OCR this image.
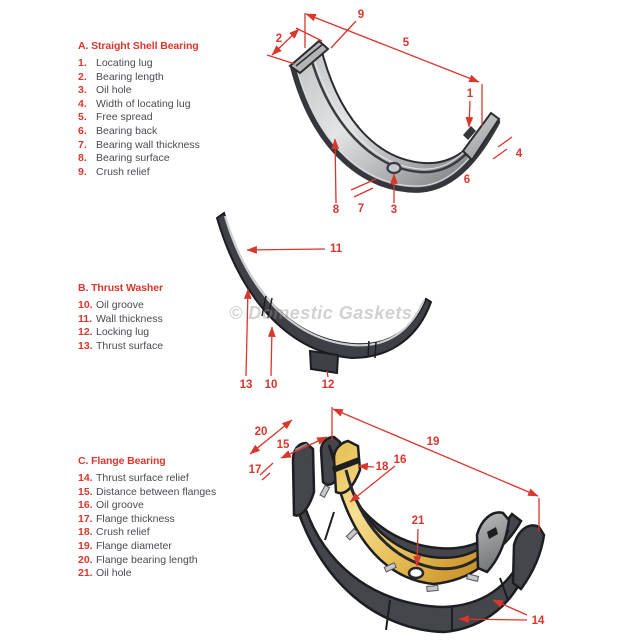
A. Straight Shell Bearing
1. Locating lug
2. Bearing length
3. Oil hole
4. Width of locating lug
5. Free spread
6. Bearing back
7. Bearing wall thickness
8. Bearing surface
9. Crush relief
B. Thrust Washer
10. Oil groove
11. Wall thickness
12. Locking lug
13. Thrust surface
C. Flange Bearing
14. Thrust surface relief
15. Distance between flanges
16. Oil groove
17. Flange thickness
18. Crush relief
19. Flange diameter
20. Flange bearing length
21. Oil hole
© Domestic Gaskets
2
9
5
1
4
6
8 7 3
11
13 10	12
20
15
17
19
18
16
21
14
